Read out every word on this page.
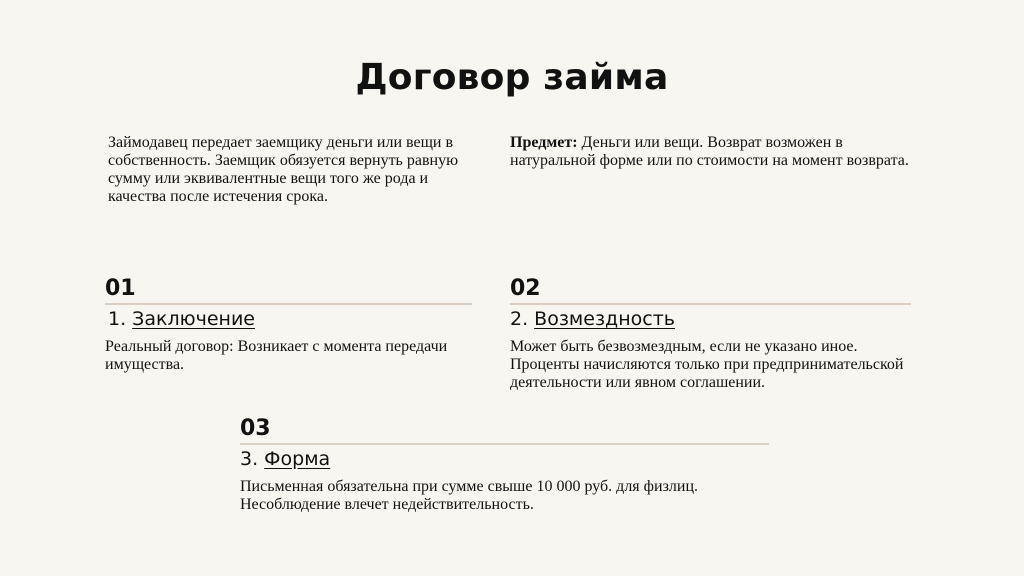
Договор займа

Займодавец передает заемщику деньги или вещи в собственность. Заемщик обязуется вернуть равную сумму или эквивалентные вещи того же рода и качества после истечения срока.

Предмет: Деньги или вещи. Возврат возможен в натуральной форме или по стоимости на момент возврата.

01
1. Заключение
Реальный договор: Возникает с момента передачи имущества.
02
2. Возмездность
Может быть безвозмездным, если не указано иное. Проценты начисляются только при предпринимательской деятельности или явном соглашении.
03
3. Форма
Письменная обязательна при сумме свыше 10 000 руб. для физлиц. Несоблюдение влечет недействительность.
